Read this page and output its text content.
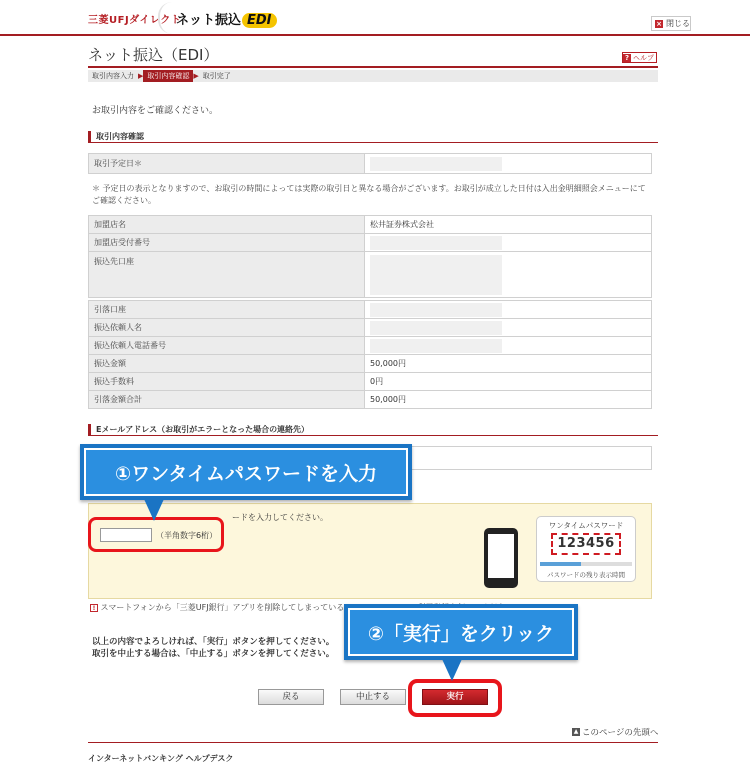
三菱UFJダイレクト
ネット振込 EDI	× 閉じる
ネット振込（EDI）	? ヘルプ
取引内容入力 ▶ 取引内容確認 ▶ 取引完了
お取引内容をご確認ください。
取引内容確認
取引予定日＊	
＊ 予定日の表示となりますので、お取引の時間によっては実際の取引日と異なる場合がございます。お取引が成立した日付は入出金明細照会メニューにてご確認ください。
加盟店名	松井証券株式会社
加盟店受付番号	
振込先口座	
引落口座	
振込依頼人名	
振込依頼人電話番号	
振込金額	50,000円
振込手数料	0円
引落金額合計	50,000円
Eメールアドレス（お取引がエラーとなった場合の連絡先）
ードを入力してください。
（半角数字6桁）
ワンタイムパスワード
123456
パスワードの残り表示時間
! スマートフォンから「三菱UFJ銀行」アプリを削除してしまっている
以上の内容でよろしければ、「実行」ボタンを押してください。
取引を中止する場合は、「中止する」ボタンを押してください。
戻る	中止する	実行
▲ このページの先頭へ
インターネットバンキング ヘルプデスク
①ワンタイムパスワードを入力
②「実行」をクリック
